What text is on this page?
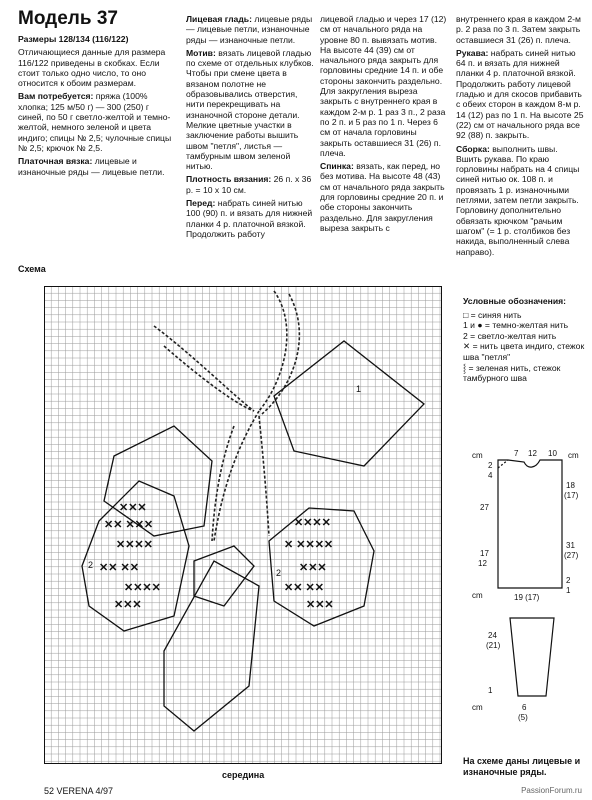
Модель 37

Размеры 128/134 (116/122)

Отличающиеся данные для размера 116/122 приведены в скобках. Если стоит только одно число, то оно относится к обоим размерам.

Вам потребуется: пряжа (100% хлопка; 125 м/50 г) — 300 (250) г синей, по 50 г светло-желтой и темно-желтой, немного зеленой и цвета индиго; спицы № 2,5; чулочные спицы № 2,5; крючок № 2,5.

Платочная вязка: лицевые и изнаночные ряды — лицевые петли.

Лицевая гладь: лицевые ряды — лицевые петли, изнаночные ряды — изнаночные петли.

Мотив: вязать лицевой гладью по схеме от отдельных клубков. Чтобы при смене цвета в вязаном полотне не образовывались отверстия, нити перекрещивать на изнаночной стороне детали. Мелкие цветные участки в заключение работы вышить швом "петля", листья — тамбурным швом зеленой нитью.

Плотность вязания: 26 п. x 36 р. = 10 x 10 см.

Перед: набрать синей нитью 100 (90) п. и вязать для нижней планки 4 р. платочной вязкой. Продолжить работу

лицевой гладью и через 17 (12) см от начального ряда на уровне 80 п. вывязать мотив. На высоте 44 (39) см от начального ряда закрыть для горловины средние 14 п. и обе стороны закончить раздельно. Для закругления выреза закрыть с внутреннего края в каждом 2-м р. 1 раз 3 п., 2 раза по 2 п. и 5 раз по 1 п. Через 6 см от начала горловины закрыть оставшиеся 31 (26) п. плеча.

Спинка: вязать, как перед, но без мотива. На высоте 48 (43) см от начального ряда закрыть для горловины средние 20 п. и обе стороны закончить раздельно. Для закругления выреза закрыть с

внутреннего края в каждом 2-м р. 2 раза по 3 п. Затем закрыть оставшиеся 31 (26) п. плеча.

Рукава: набрать синей нитью 64 п. и вязать для нижней планки 4 р. платочной вязкой. Продолжить работу лицевой гладью и для скосов прибавить с обеих сторон в каждом 8-м р. 14 (12) раз по 1 п. На высоте 25 (22) см от начального ряда все 92 (88) п. закрыть.

Сборка: выполнить швы. Вшить рукава. По краю горловины набрать на 4 спицы синей нитью ок. 108 п. и провязать 1 р. изнаночными петлями, затем петли закрыть. Горловину дополнительно обвязать крючком "рачьим шагом" (= 1 р. столбиков без накида, выполненный слева направо).

Схема
✕✕✕
✕✕ ✕✕✕
✕✕✕✕
✕✕ ✕✕
✕✕✕✕
✕✕✕
✕✕✕✕
✕ ✕✕✕✕
✕✕✕
✕✕ ✕✕
✕✕✕
1
2
2
середина
Условные обозначения:
□ = синяя нить
1 и ● = темно-желтая нить
2 = светло-желтая нить
✕ = нить цвета индиго, стежок шва "петля"
⸾ = зеленая нить, стежок тамбурного шва
cm	7 12 10 cm
2
4
27
17
12
18
(17)
31
(27)
2
1
cm	19 (17)
24
(21)
1
cm	6
(5)
На схеме даны лицевые и изнаночные ряды.
52 VERENA 4/97	PassionForum.ru
